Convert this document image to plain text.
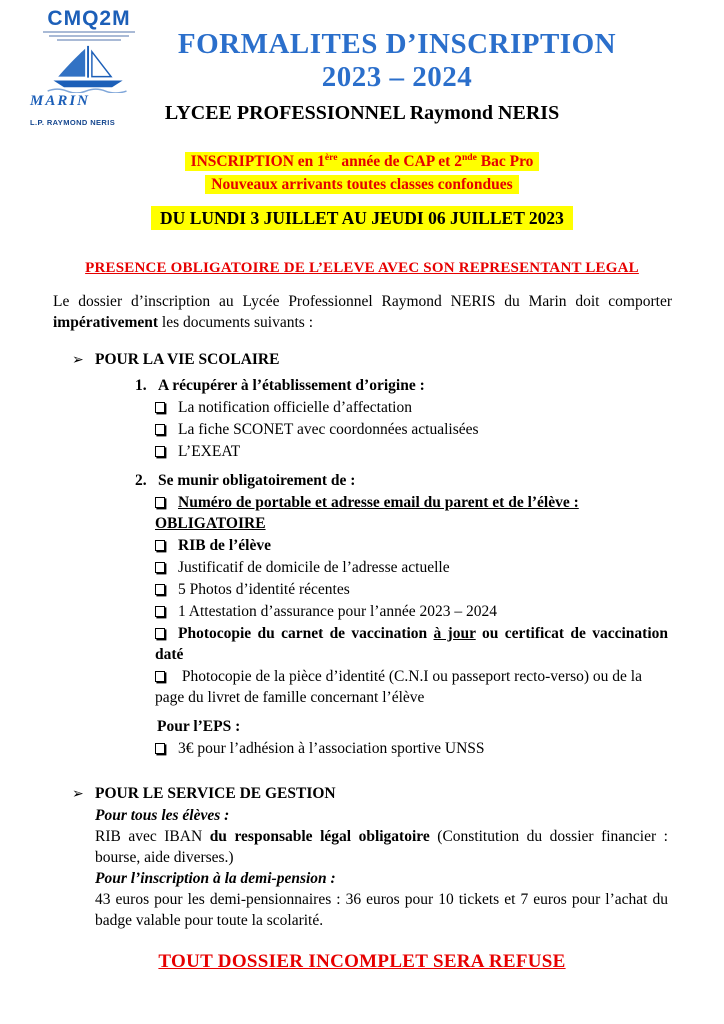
CMQ2M
MARIN
L.P. RAYMOND NERIS
FORMALITES D’INSCRIPTION
2023 – 2024
LYCEE PROFESSIONNEL Raymond NERIS
INSCRIPTION en 1ère année de CAP et 2nde Bac Pro
Nouveaux arrivants toutes classes confondues
DU LUNDI 3 JUILLET AU JEUDI 06 JUILLET 2023
PRESENCE OBLIGATOIRE DE L’ELEVE AVEC SON REPRESENTANT LEGAL

Le dossier d’inscription au Lycée Professionnel Raymond NERIS du Marin doit comporter impérativement les documents suivants :

➢ POUR LA VIE SCOLAIRE
1. A récupérer à l’établissement d’origine :
La notification officielle d’affectation
La fiche SCONET avec coordonnées actualisées
L’EXEAT
2. Se munir obligatoirement de :
Numéro de portable et adresse email du parent et de l’élève :
OBLIGATOIRE
RIB de l’élève
Justificatif de domicile de l’adresse actuelle
5 Photos d’identité récentes
1 Attestation d’assurance pour l’année 2023 – 2024
Photocopie du carnet de vaccination à jour ou certificat de vaccination daté
Photocopie de la pièce d’identité (C.N.I ou passeport recto-verso) ou de la page du livret de famille concernant l’élève
Pour l’EPS :
3€ pour l’adhésion à l’association sportive UNSS
➢ POUR LE SERVICE DE GESTION
Pour tous les élèves :

RIB avec IBAN du responsable légal obligatoire (Constitution du dossier financier : bourse, aide diverses.)

Pour l’inscription à la demi-pension :

43 euros pour les demi-pensionnaires : 36 euros pour 10 tickets et 7 euros pour l’achat du badge valable pour toute la scolarité.

TOUT DOSSIER INCOMPLET SERA REFUSE
